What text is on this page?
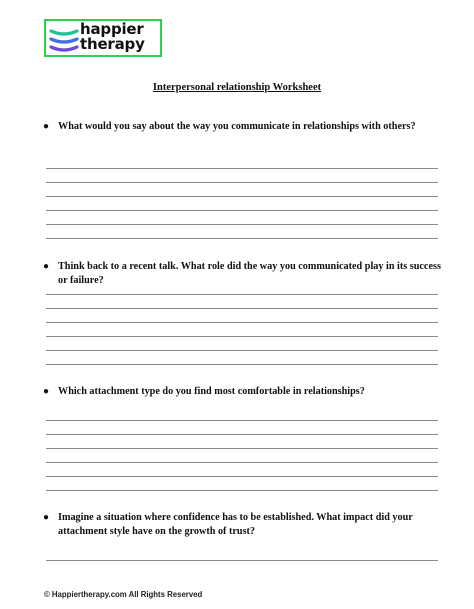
happier
therapy
Interpersonal relationship Worksheet
● What would you say about the way you communicate in relationships with others?
● Think back to a recent talk. What role did the way you communicated play in its success or failure?
● Which attachment type do you find most comfortable in relationships?
● Imagine a situation where confidence has to be established. What impact did your attachment style have on the growth of trust?
© Happiertherapy.com All Rights Reserved
